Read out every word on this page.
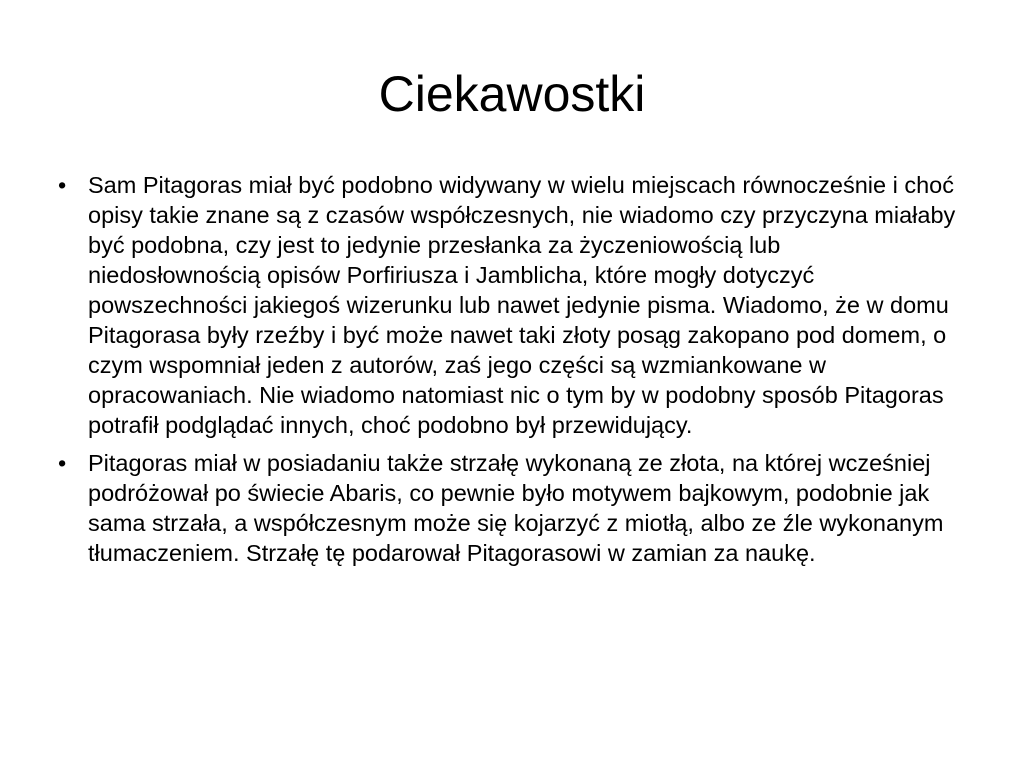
Ciekawostki
• Sam Pitagoras miał być podobno widywany w wielu miejscach równocześnie i choć opisy takie znane są z czasów współczesnych, nie wiadomo czy przyczyna miałaby być podobna, czy jest to jedynie przesłanka za życzeniowością lub niedosłownością opisów Porfiriusza i Jamblicha, które mogły dotyczyć powszechności jakiegoś wizerunku lub nawet jedynie pisma. Wiadomo, że w domu Pitagorasa były rzeźby i być może nawet taki złoty posąg zakopano pod domem, o czym wspomniał jeden z autorów, zaś jego części są wzmiankowane w opracowaniach. Nie wiadomo natomiast nic o tym by w podobny sposób Pitagoras potrafił podglądać innych, choć podobno był przewidujący.
• Pitagoras miał w posiadaniu także strzałę wykonaną ze złota, na której wcześniej podróżował po świecie Abaris, co pewnie było motywem bajkowym, podobnie jak sama strzała, a współczesnym może się kojarzyć z miotłą, albo ze źle wykonanym tłumaczeniem. Strzałę tę podarował Pitagorasowi w zamian za naukę.
